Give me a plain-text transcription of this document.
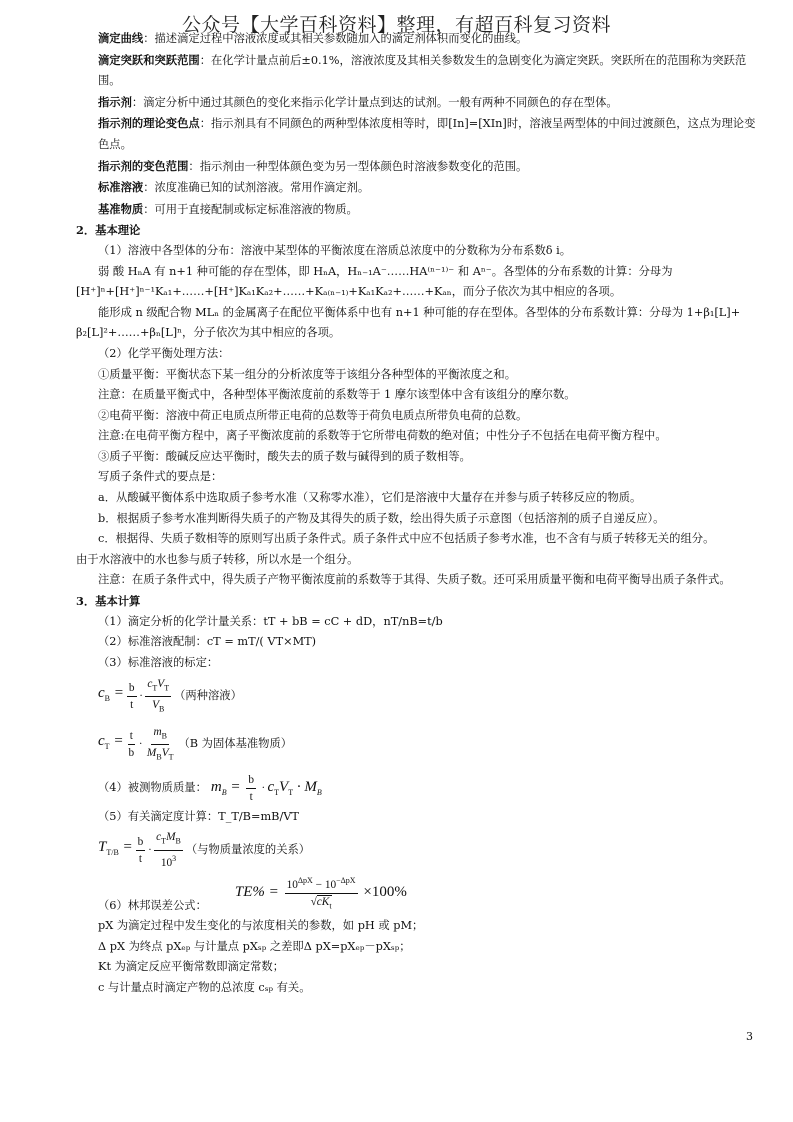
公众号【大学百科资料】整理，有超百科复习资料

滴定曲线：描述滴定过程中溶液浓度或其相关参数随加入的滴定剂体积而变化的曲线。

滴定突跃和突跃范围：在化学计量点前后±0.1%，溶液浓度及其相关参数发生的急剧变化为滴定突跃。突跃所在的范围称为突跃范围。

指示剂：滴定分析中通过其颜色的变化来指示化学计量点到达的试剂。一般有两种不同颜色的存在型体。

指示剂的理论变色点：指示剂具有不同颜色的两种型体浓度相等时，即[In]=[XIn]时，溶液呈两型体的中间过渡颜色，这点为理论变色点。

指示剂的变色范围：指示剂由一种型体颜色变为另一型体颜色时溶液参数变化的范围。

标准溶液：浓度准确已知的试剂溶液。常用作滴定剂。

基准物质：可用于直接配制或标定标准溶液的物质。

2．基本理论

（1）溶液中各型体的分布：溶液中某型体的平衡浓度在溶质总浓度中的分数称为分布系数δ i。

弱 酸 HₙA 有 n+1 种可能的存在型体，即 HₙA，Hₙ₋₁A⁻……HA⁽ⁿ⁻¹⁾⁻ 和 Aⁿ⁻。各型体的分布系数的计算：分母为

[H⁺]ⁿ+[H⁺]ⁿ⁻¹Kₐ₁+……+[H⁺]Kₐ₁Kₐ₂+……+Kₐ₍ₙ₋₁₎+Kₐ₁Kₐ₂+……+Kₐₙ，而分子依次为其中相应的各项。

能形成 n 级配合物 MLₙ 的金属离子在配位平衡体系中也有 n+1 种可能的存在型体。各型体的分布系数计算：分母为 1+β₁[L]+

β₂[L]²+……+βₙ[L]ⁿ，分子依次为其中相应的各项。

（2）化学平衡处理方法：

①质量平衡：平衡状态下某一组分的分析浓度等于该组分各种型体的平衡浓度之和。

注意：在质量平衡式中，各种型体平衡浓度前的系数等于 1 摩尔该型体中含有该组分的摩尔数。

②电荷平衡：溶液中荷正电质点所带正电荷的总数等于荷负电质点所带负电荷的总数。

注意:在电荷平衡方程中，离子平衡浓度前的系数等于它所带电荷数的绝对值；中性分子不包括在电荷平衡方程中。

③质子平衡：酸碱反应达平衡时，酸失去的质子数与碱得到的质子数相等。

写质子条件式的要点是：

a．从酸碱平衡体系中选取质子参考水准（又称零水准），它们是溶液中大量存在并参与质子转移反应的物质。

b．根据质子参考水准判断得失质子的产物及其得失的质子数，绘出得失质子示意图（包括溶剂的质子自递反应）。

c．根据得、失质子数相等的原则写出质子条件式。质子条件式中应不包括质子参考水准，也不含有与质子转移无关的组分。

由于水溶液中的水也参与质子转移，所以水是一个组分。

注意：在质子条件式中，得失质子产物平衡浓度前的系数等于其得、失质子数。还可采用质量平衡和电荷平衡导出质子条件式。

3．基本计算

（1）滴定分析的化学计量关系：tT + bB = cC + dD，nT/nB=t/b

（2）标准溶液配制：cT = mT/( VT×MT)

（3）标准溶液的标定：

$c_B = \frac{b}{t} \cdot \frac{c_TV_T}{V_B}$ （两种溶液）
$c_T = \frac{t}{b} \cdot \frac{m_B}{M_BV_T} (B$ 为固体基准物质）
（4）被测物质质量： $m_B = \frac{b}{t} \cdot c_TV_T \cdot M_B$

（5）有关滴定度计算：T_T/B=mB/VT

$T_{T/B} = \frac{b}{t} \cdot \frac{c_TM_B}{10^3}$ （与物质量浓度的关系）
（6）林邦误差公式：
$TE\% = \frac{10^{\Delta pX} - 10^{-\Delta pX}}{√cK_t} \times 100\%$

pX 为滴定过程中发生变化的与浓度相关的参数，如 pH 或 pM；

Δ pX 为终点 pXₑₚ 与计量点 pXₛₚ 之差即Δ pX=pXₑₚ－pXₛₚ；

Kt 为滴定反应平衡常数即滴定常数；

c 与计量点时滴定产物的总浓度 cₛₚ 有关。

3
